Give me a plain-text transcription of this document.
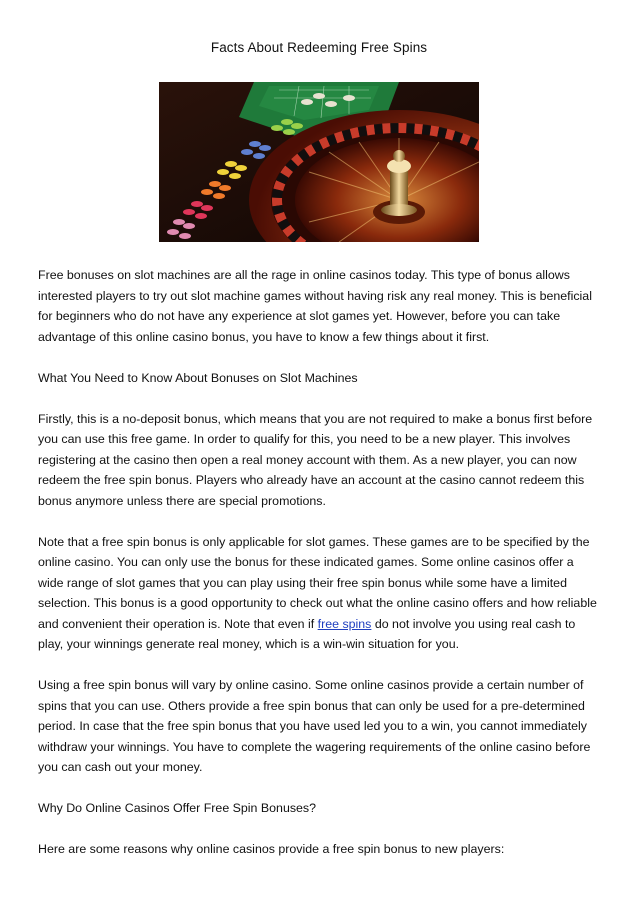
Facts About Redeeming Free Spins

Free bonuses on slot machines are all the rage in online casinos today. This type of bonus allows interested players to try out slot machine games without having risk any real money. This is beneficial for beginners who do not have any experience at slot games yet. However, before you can take advantage of this online casino bonus, you have to know a few things about it first.

What You Need to Know About Bonuses on Slot Machines

Firstly, this is a no-deposit bonus, which means that you are not required to make a bonus first before you can use this free game. In order to qualify for this, you need to be a new player. This involves registering at the casino then open a real money account with them. As a new player, you can now redeem the free spin bonus. Players who already have an account at the casino cannot redeem this bonus anymore unless there are special promotions.

Note that a free spin bonus is only applicable for slot games. These games are to be specified by the online casino. You can only use the bonus for these indicated games. Some online casinos offer a wide range of slot games that you can play using their free spin bonus while some have a limited selection. This bonus is a good opportunity to check out what the online casino offers and how reliable and convenient their operation is. Note that even if free spins do not involve you using real cash to play, your winnings generate real money, which is a win-win situation for you.

Using a free spin bonus will vary by online casino. Some online casinos provide a certain number of spins that you can use. Others provide a free spin bonus that can only be used for a pre-determined period. In case that the free spin bonus that you have used led you to a win, you cannot immediately withdraw your winnings. You have to complete the wagering requirements of the online casino before you can cash out your money.

Why Do Online Casinos Offer Free Spin Bonuses?

Here are some reasons why online casinos provide a free spin bonus to new players:
